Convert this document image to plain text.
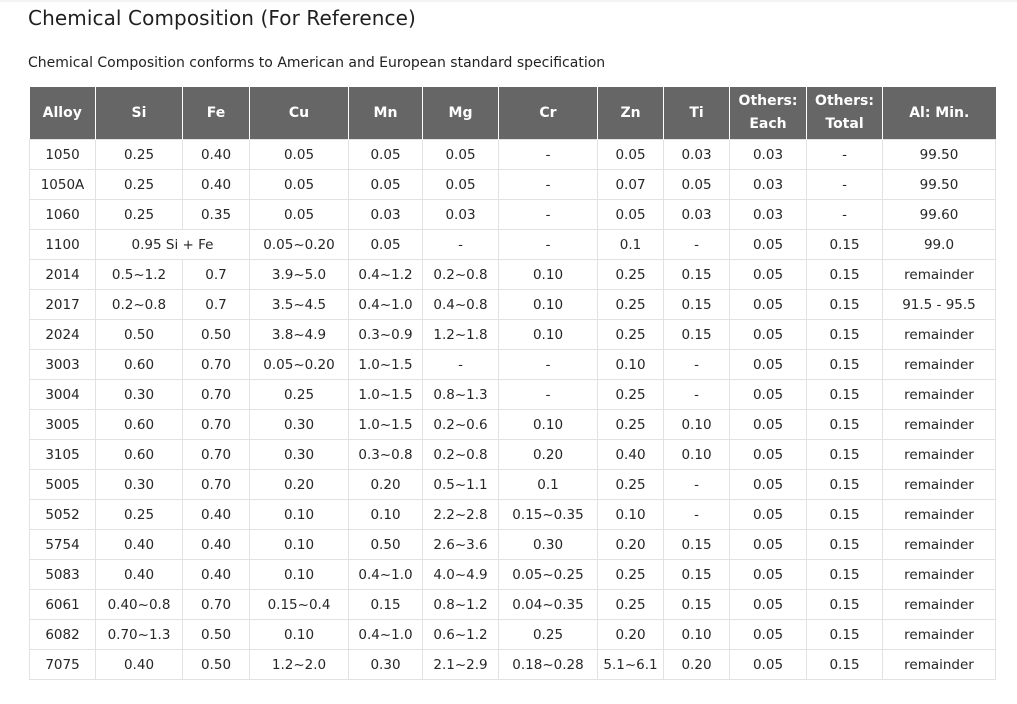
Chemical Composition (For Reference)

Chemical Composition conforms to American and European standard specification

Alloy	Si	Fe	Cu	Mn	Mg	Cr	Zn	Ti	Others: Each	Others: Total	Al: Min.
1050	0.25	0.40	0.05	0.05	0.05	-	0.05	0.03	0.03	-	99.50
1050A	0.25	0.40	0.05	0.05	0.05	-	0.07	0.05	0.03	-	99.50
1060	0.25	0.35	0.05	0.03	0.03	-	0.05	0.03	0.03	-	99.60
1100	0.95 Si + Fe		0.05~0.20	0.05	-	-	0.1	-	0.05	0.15	99.0
2014	0.5~1.2	0.7	3.9~5.0	0.4~1.2	0.2~0.8	0.10	0.25	0.15	0.05	0.15	remainder
2017	0.2~0.8	0.7	3.5~4.5	0.4~1.0	0.4~0.8	0.10	0.25	0.15	0.05	0.15	91.5 - 95.5
2024	0.50	0.50	3.8~4.9	0.3~0.9	1.2~1.8	0.10	0.25	0.15	0.05	0.15	remainder
3003	0.60	0.70	0.05~0.20	1.0~1.5	-	-	0.10	-	0.05	0.15	remainder
3004	0.30	0.70	0.25	1.0~1.5	0.8~1.3	-	0.25	-	0.05	0.15	remainder
3005	0.60	0.70	0.30	1.0~1.5	0.2~0.6	0.10	0.25	0.10	0.05	0.15	remainder
3105	0.60	0.70	0.30	0.3~0.8	0.2~0.8	0.20	0.40	0.10	0.05	0.15	remainder
5005	0.30	0.70	0.20	0.20	0.5~1.1	0.1	0.25	-	0.05	0.15	remainder
5052	0.25	0.40	0.10	0.10	2.2~2.8	0.15~0.35	0.10	-	0.05	0.15	remainder
5754	0.40	0.40	0.10	0.50	2.6~3.6	0.30	0.20	0.15	0.05	0.15	remainder
5083	0.40	0.40	0.10	0.4~1.0	4.0~4.9	0.05~0.25	0.25	0.15	0.05	0.15	remainder
6061	0.40~0.8	0.70	0.15~0.4	0.15	0.8~1.2	0.04~0.35	0.25	0.15	0.05	0.15	remainder
6082	0.70~1.3	0.50	0.10	0.4~1.0	0.6~1.2	0.25	0.20	0.10	0.05	0.15	remainder
7075	0.40	0.50	1.2~2.0	0.30	2.1~2.9	0.18~0.28	5.1~6.1	0.20	0.05	0.15	remainder
